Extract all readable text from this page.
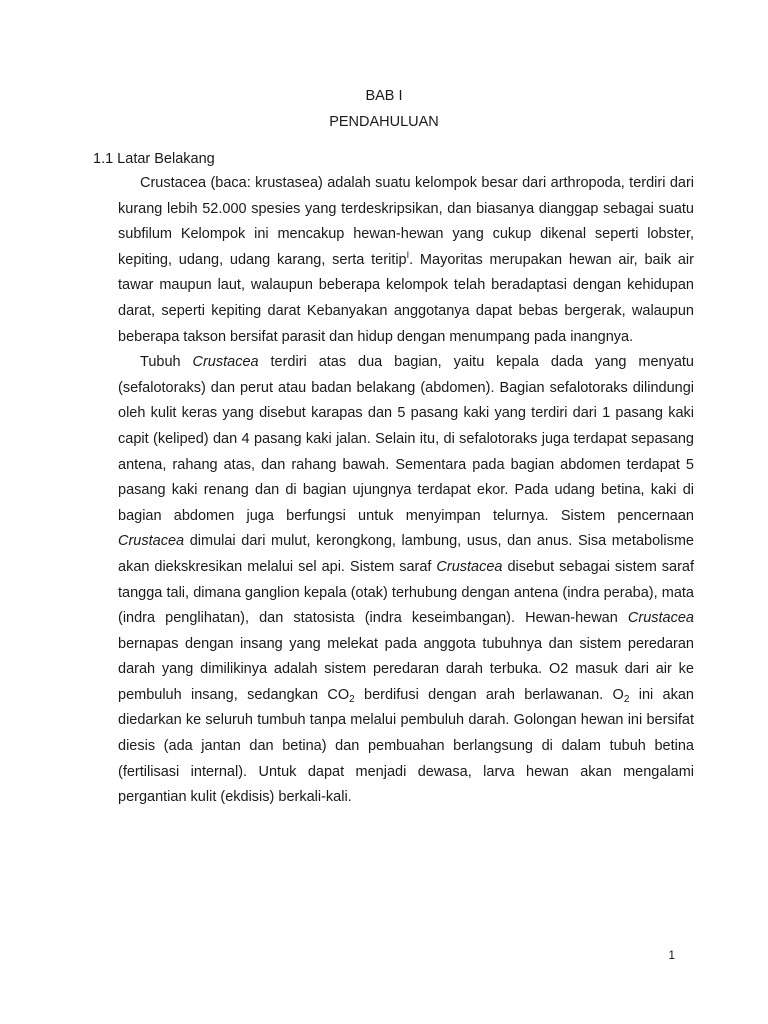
BAB I
PENDAHULUAN
1.1 Latar Belakang

Crustacea (baca: krustasea) adalah suatu kelompok besar dari arthropoda, terdiri dari kurang lebih 52.000 spesies yang terdeskripsikan, dan biasanya dianggap sebagai suatu subfilum Kelompok ini mencakup hewan-hewan yang cukup dikenal seperti lobster, kepiting, udang, udang karang, serta teritip$^I$. Mayoritas merupakan hewan air, baik air tawar maupun laut, walaupun beberapa kelompok telah beradaptasi dengan kehidupan darat, seperti kepiting darat Kebanyakan anggotanya dapat bebas bergerak, walaupun beberapa takson bersifat parasit dan hidup dengan menumpang pada inangnya.

Tubuh Crustacea terdiri atas dua bagian, yaitu kepala dada yang menyatu (sefalotoraks) dan perut atau badan belakang (abdomen). Bagian sefalotoraks dilindungi oleh kulit keras yang disebut karapas dan 5 pasang kaki yang terdiri dari 1 pasang kaki capit (keliped) dan 4 pasang kaki jalan. Selain itu, di sefalotoraks juga terdapat sepasang antena, rahang atas, dan rahang bawah. Sementara pada bagian abdomen terdapat 5 pasang kaki renang dan di bagian ujungnya terdapat ekor. Pada udang betina, kaki di bagian abdomen juga berfungsi untuk menyimpan telurnya. Sistem pencernaan Crustacea dimulai dari mulut, kerongkong, lambung, usus, dan anus. Sisa metabolisme akan diekskresikan melalui sel api. Sistem saraf Crustacea disebut sebagai sistem saraf tangga tali, dimana ganglion kepala (otak) terhubung dengan antena (indra peraba), mata (indra penglihatan), dan statosista (indra keseimbangan). Hewan-hewan Crustacea bernapas dengan insang yang melekat pada anggota tubuhnya dan sistem peredaran darah yang dimilikinya adalah sistem peredaran darah terbuka. O2 masuk dari air ke pembuluh insang, sedangkan $CO_2$ berdifusi dengan arah berlawanan. $O_2$ ini akan diedarkan ke seluruh tumbuh tanpa melalui pembuluh darah. Golongan hewan ini bersifat diesis (ada jantan dan betina) dan pembuahan berlangsung di dalam tubuh betina (fertilisasi internal). Untuk dapat menjadi dewasa, larva hewan akan mengalami pergantian kulit (ekdisis) berkali-kali.

1
